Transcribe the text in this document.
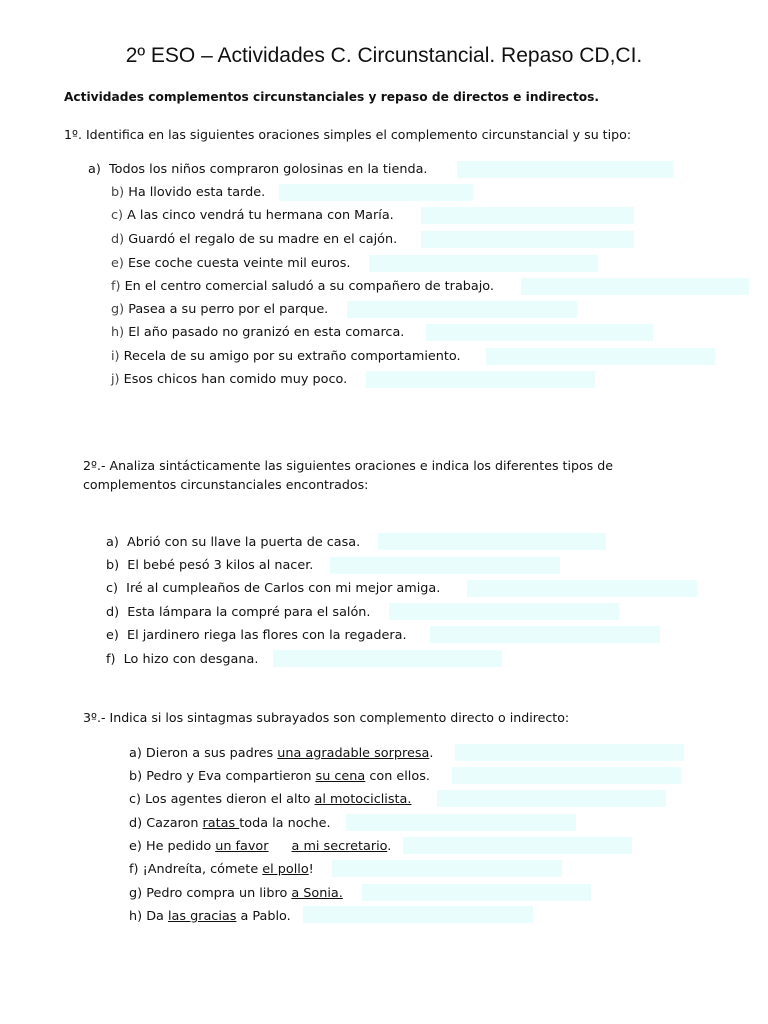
2º ESO – Actividades C. Circunstancial. Repaso CD,CI.
Actividades complementos circunstanciales y repaso de directos e indirectos.
1º. Identifica en las siguientes oraciones simples el complemento circunstancial y su tipo:
a) Todos los niños compraron golosinas en la tienda.
b) Ha llovido esta tarde.
c) A las cinco vendrá tu hermana con María.
d) Guardó el regalo de su madre en el cajón.
e) Ese coche cuesta veinte mil euros.
f) En el centro comercial saludó a su compañero de trabajo.
g) Pasea a su perro por el parque.
h) El año pasado no granizó en esta comarca.
i) Recela de su amigo por su extraño comportamiento.
j) Esos chicos han comido muy poco.
2º.- Analiza sintácticamente las siguientes oraciones e indica los diferentes tipos de complementos circunstanciales encontrados:
a) Abrió con su llave la puerta de casa.
b) El bebé pesó 3 kilos al nacer.
c) Iré al cumpleaños de Carlos con mi mejor amiga.
d) Esta lámpara la compré para el salón.
e) El jardinero riega las flores con la regadera.
f) Lo hizo con desgana.
3º.- Indica si los sintagmas subrayados son complemento directo o indirecto:
a) Dieron a sus padres una agradable sorpresa.
b) Pedro y Eva compartieron su cena con ellos.
c) Los agentes dieron el alto al motociclista.
d) Cazaron ratas toda la noche.
e) He pedido un favor a mi secretario.
f) ¡Andreíta, cómete el pollo!
g) Pedro compra un libro a Sonia.
h) Da las gracias a Pablo.
